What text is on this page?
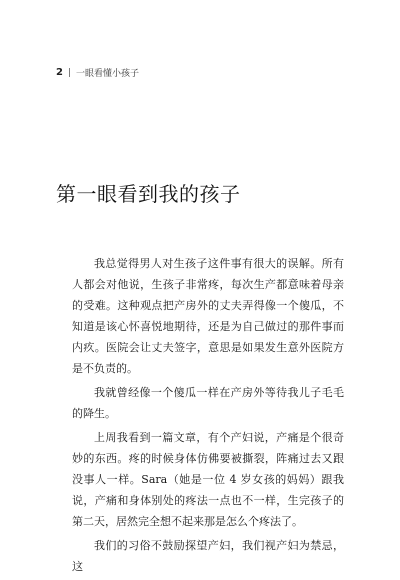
2 | 一眼看懂小孩子
第一眼看到我的孩子

我总觉得男人对生孩子这件事有很大的误解。所有人都会对他说，生孩子非常疼，每次生产都意味着母亲的受难。这种观点把产房外的丈夫弄得像一个傻瓜，不知道是该心怀喜悦地期待，还是为自己做过的那件事而内疚。医院会让丈夫签字，意思是如果发生意外医院方是不负责的。

我就曾经像一个傻瓜一样在产房外等待我儿子毛毛的降生。

上周我看到一篇文章，有个产妇说，产痛是个很奇妙的东西。疼的时候身体仿佛要被撕裂，阵痛过去又跟没事人一样。Sara（她是一位 4 岁女孩的妈妈）跟我说，产痛和身体别处的疼法一点也不一样，生完孩子的第二天，居然完全想不起来那是怎么个疼法了。

我们的习俗不鼓励探望产妇，我们视产妇为禁忌，这
